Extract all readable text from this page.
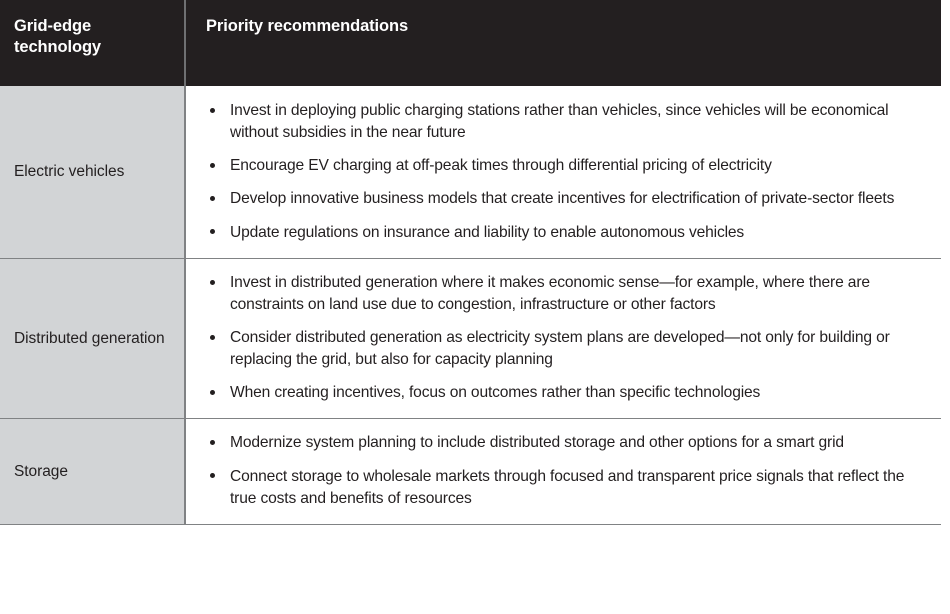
Grid-edge technology	Priority recommendations
Electric vehicles	
Invest in deploying public charging stations rather than vehicles, since vehicles will be economical without subsidies in the near future
Encourage EV charging at off-peak times through differential pricing of electricity
Develop innovative business models that create incentives for electrification of private-sector fleets
Update regulations on insurance and liability to enable autonomous vehicles

Distributed generation	
Invest in distributed generation where it makes economic sense—for example, where there are constraints on land use due to congestion, infrastructure or other factors
Consider distributed generation as electricity system plans are developed—not only for building or replacing the grid, but also for capacity planning
When creating incentives, focus on outcomes rather than specific technologies

Storage	
Modernize system planning to include distributed storage and other options for a smart grid
Connect storage to wholesale markets through focused and transparent price signals that reflect the true costs and benefits of resources
